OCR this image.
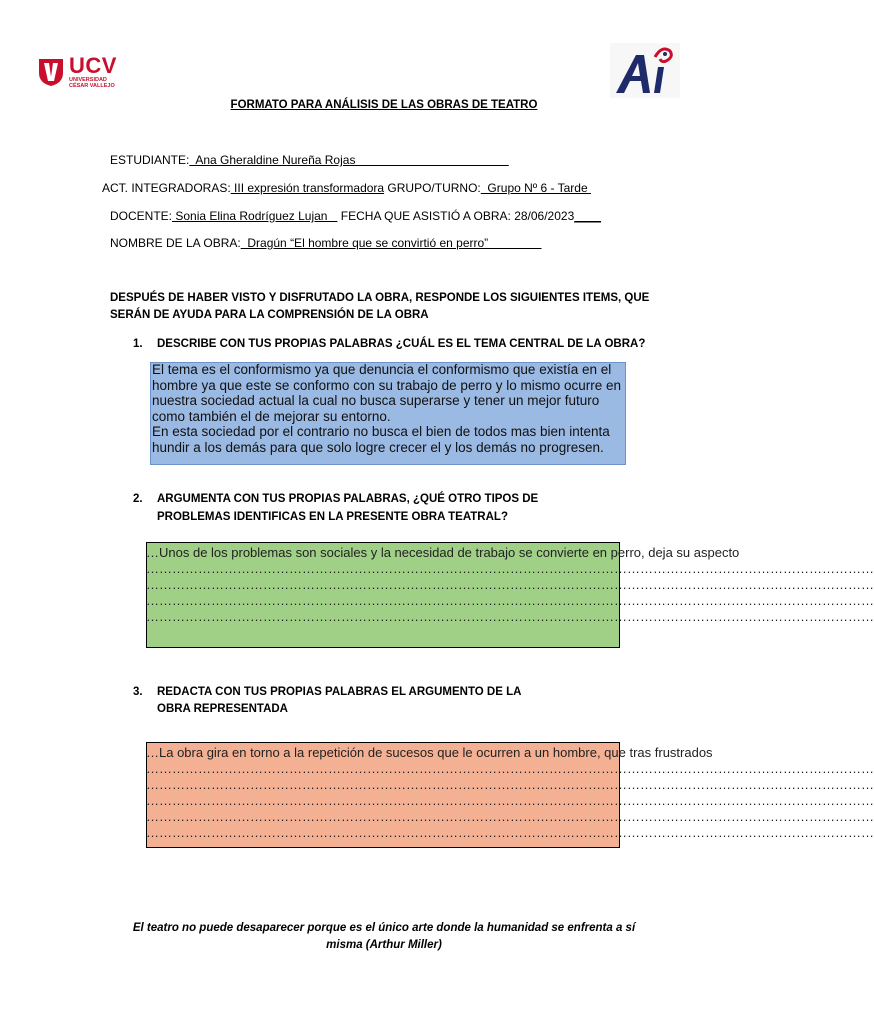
UCV
UNIVERSIDAD
CÉSAR VALLEJO
FORMATO PARA ANÁLISIS DE LAS OBRAS DE TEATRO
ESTUDIANTE:  Ana Gheraldine Nureña Rojas
ACT. INTEGRADORAS: III expresión transformadora GRUPO/TURNO:  Grupo Nº 6 - Tarde
DOCENTE: Sonia Elina Rodríguez Lujan    FECHA QUE ASISTIÓ A OBRA: 28/06/2023____
NOMBRE DE LA OBRA:  Dragún “El hombre que se convirtió en perro”
DESPUÉS DE HABER VISTO Y DISFRUTADO LA OBRA, RESPONDE LOS SIGUIENTES ITEMS, QUE
SERÁN DE AYUDA PARA LA COMPRENSIÓN DE LA OBRA
1. DESCRIBE CON TUS PROPIAS PALABRAS ¿CUÁL ES EL TEMA CENTRAL DE LA OBRA?
El tema es el conformismo ya que denuncia el conformismo que existía en el hombre ya que este se conformo con su trabajo de perro y lo mismo ocurre en nuestra sociedad actual la cual no busca superarse y tener un mejor futuro como también el de mejorar su entorno.
En esta sociedad por el contrario no busca el bien de todos mas bien intenta hundir a los demás para que solo logre crecer el y los demás no progresen.
2. ARGUMENTA CON TUS PROPIAS PALABRAS, ¿QUÉ OTRO TIPOS DE
PROBLEMAS IDENTIFICAS EN LA PRESENTE OBRA TEATRAL?
…Unos de los problemas son sociales y la necesidad de trabajo se convierte en perro, deja su aspecto
……………………………………………………………………………………………………………………………………………………
……………………………………………………………………………………………………………………………………………………
……………………………………………………………………………………………………………………………………………………
……………………………………………………………………………………………………………………………………………………
3. REDACTA CON TUS PROPIAS PALABRAS EL ARGUMENTO DE LA
OBRA REPRESENTADA
…La obra gira en torno a la repetición de sucesos que le ocurren a un hombre, que tras frustrados
……………………………………………………………………………………………………………………………………………………
……………………………………………………………………………………………………………………………………………………
……………………………………………………………………………………………………………………………………………………
……………………………………………………………………………………………………………………………………………………
……………………………………………………………………………………………………………………………………………………
El teatro no puede desaparecer porque es el único arte donde la humanidad se enfrenta a sí
misma (Arthur Miller)
